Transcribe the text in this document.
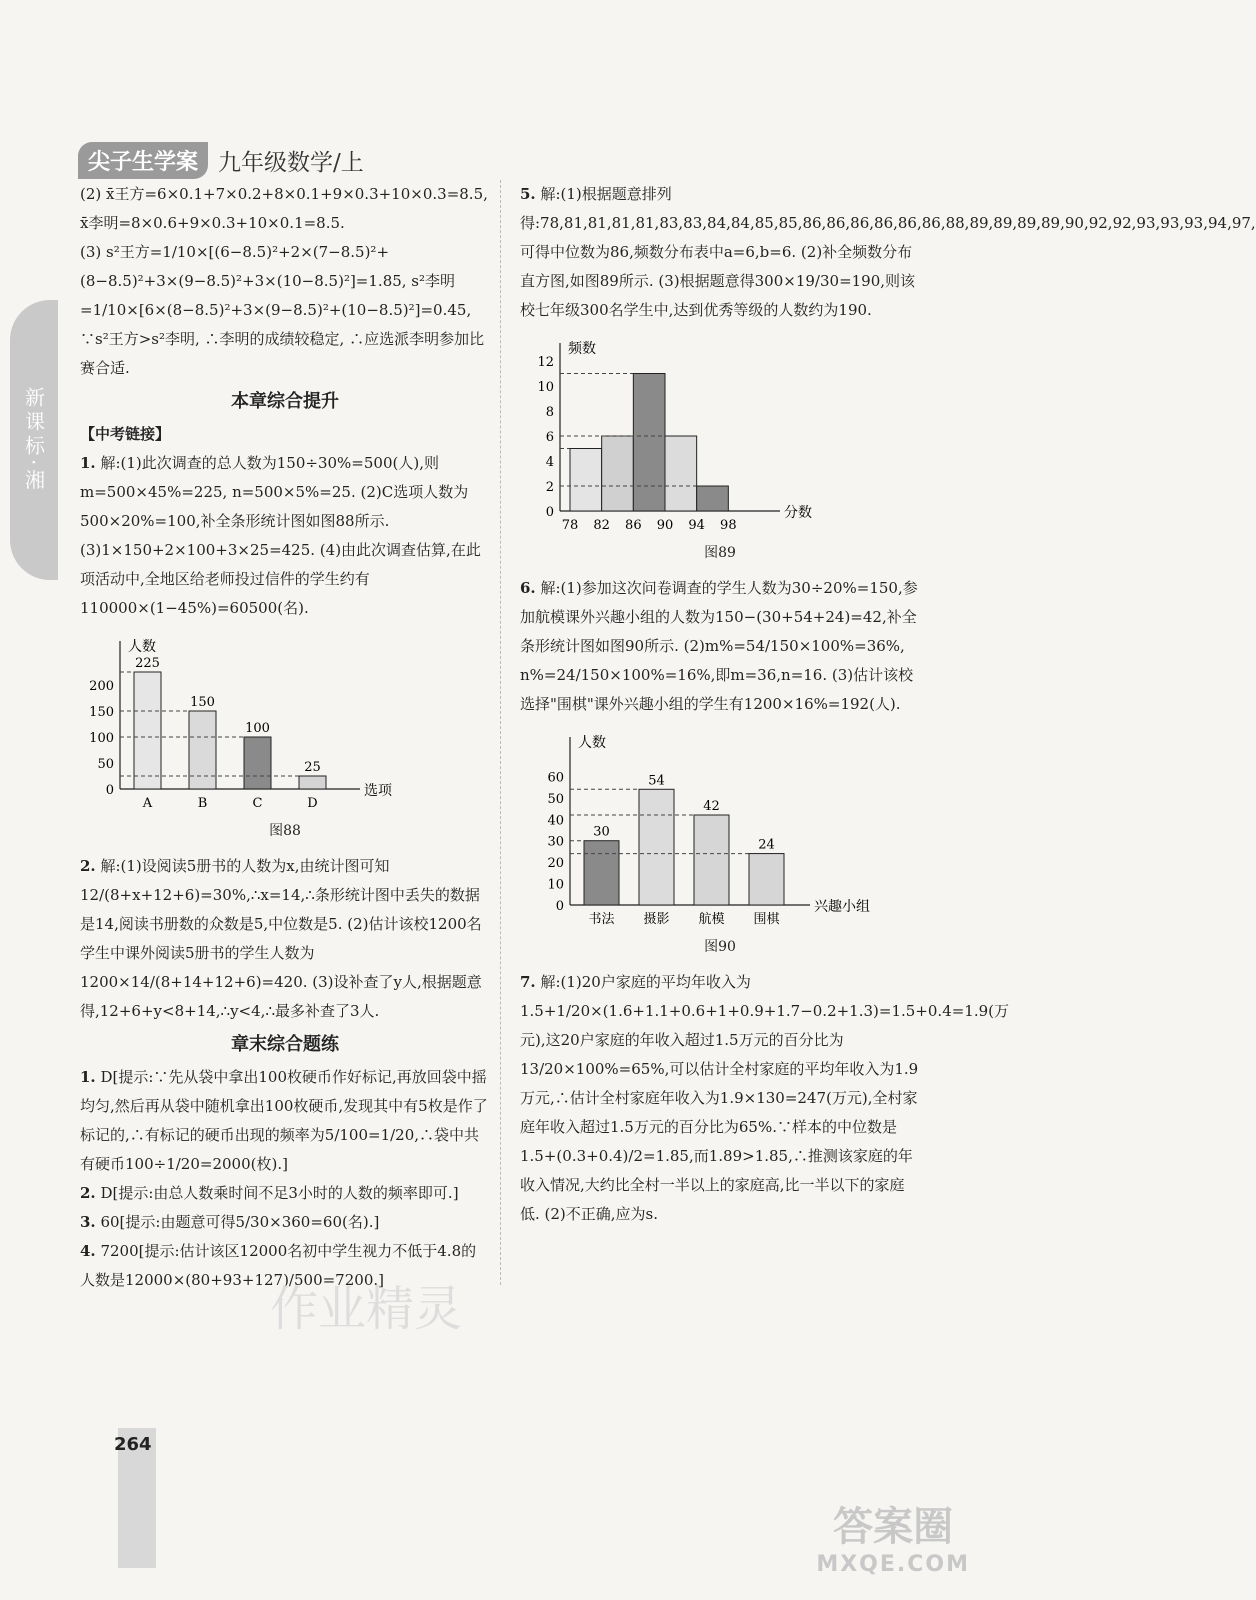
新课标·湘
尖子生学案 九年级数学/上

(2) x̄王方=6×0.1+7×0.2+8×0.1+9×0.3+10×0.3=8.5, x̄李明=8×0.6+9×0.3+10×0.1=8.5.

(3) s²王方=1/10×[(6−8.5)²+2×(7−8.5)²+(8−8.5)²+3×(9−8.5)²+3×(10−8.5)²]=1.85, s²李明=1/10×[6×(8−8.5)²+3×(9−8.5)²+(10−8.5)²]=0.45, ∵s²王方>s²李明, ∴李明的成绩较稳定, ∴应选派李明参加比赛合适.

本章综合提升
【中考链接】

1. 解:(1)此次调查的总人数为150÷30%=500(人),则m=500×45%=225, n=500×5%=25. (2)C选项人数为500×20%=100,补全条形统计图如图88所示. (3)1×150+2×100+3×25=425. (4)由此次调查估算,在此项活动中,全地区给老师投过信件的学生约有110000×(1−45%)=60500(名).

人数
选项
0
50
100
150
200
225
A
150
B
100
C
25
D
图88

2. 解:(1)设阅读5册书的人数为x,由统计图可知 12/(8+x+12+6)=30%,∴x=14,∴条形统计图中丢失的数据是14,阅读书册数的众数是5,中位数是5. (2)估计该校1200名学生中课外阅读5册书的学生人数为1200×14/(8+14+12+6)=420. (3)设补查了y人,根据题意得,12+6+y<8+14,∴y<4,∴最多补查了3人.

章末综合题练

1. D[提示:∵先从袋中拿出100枚硬币作好标记,再放回袋中摇均匀,然后再从袋中随机拿出100枚硬币,发现其中有5枚是作了标记的,∴有标记的硬币出现的频率为5/100=1/20,∴袋中共有硬币100÷1/20=2000(枚).]

2. D[提示:由总人数乘时间不足3小时的人数的频率即可.]

3. 60[提示:由题意可得5/30×360=60(名).]

4. 7200[提示:估计该区12000名初中学生视力不低于4.8的人数是12000×(80+93+127)/500=7200.]

5. 解:(1)根据题意排列得:78,81,81,81,81,83,83,84,84,85,85,86,86,86,86,86,86,88,89,89,89,89,90,92,92,93,93,93,94,97,可得中位数为86,频数分布表中a=6,b=6. (2)补全频数分布直方图,如图89所示. (3)根据题意得300×19/30=190,则该校七年级300名学生中,达到优秀等级的人数约为190.

频数
分数
0
2
4
6
8
10
12
78 82 86 90 94 98
图89

6. 解:(1)参加这次问卷调查的学生人数为30÷20%=150,参加航模课外兴趣小组的人数为150−(30+54+24)=42,补全条形统计图如图90所示. (2)m%=54/150×100%=36%, n%=24/150×100%=16%,即m=36,n=16. (3)估计该校选择"围棋"课外兴趣小组的学生有1200×16%=192(人).

人数
兴趣小组
0
10
20
30
40
50
60
30
书法
54
摄影
42
航模
24
围棋
图90

7. 解:(1)20户家庭的平均年收入为1.5+1/20×(1.6+1.1+0.6+1+0.9+1.7−0.2+1.3)=1.5+0.4=1.9(万元),这20户家庭的年收入超过1.5万元的百分比为13/20×100%=65%,可以估计全村家庭的平均年收入为1.9万元,∴估计全村家庭年收入为1.9×130=247(万元),全村家庭年收入超过1.5万元的百分比为65%.∵样本的中位数是1.5+(0.3+0.4)/2=1.85,而1.89>1.85,∴推测该家庭的年收入情况,大约比全村一半以上的家庭高,比一半以下的家庭低. (2)不正确,应为s.

作业精灵
264
答案圈
MXQE.COM
